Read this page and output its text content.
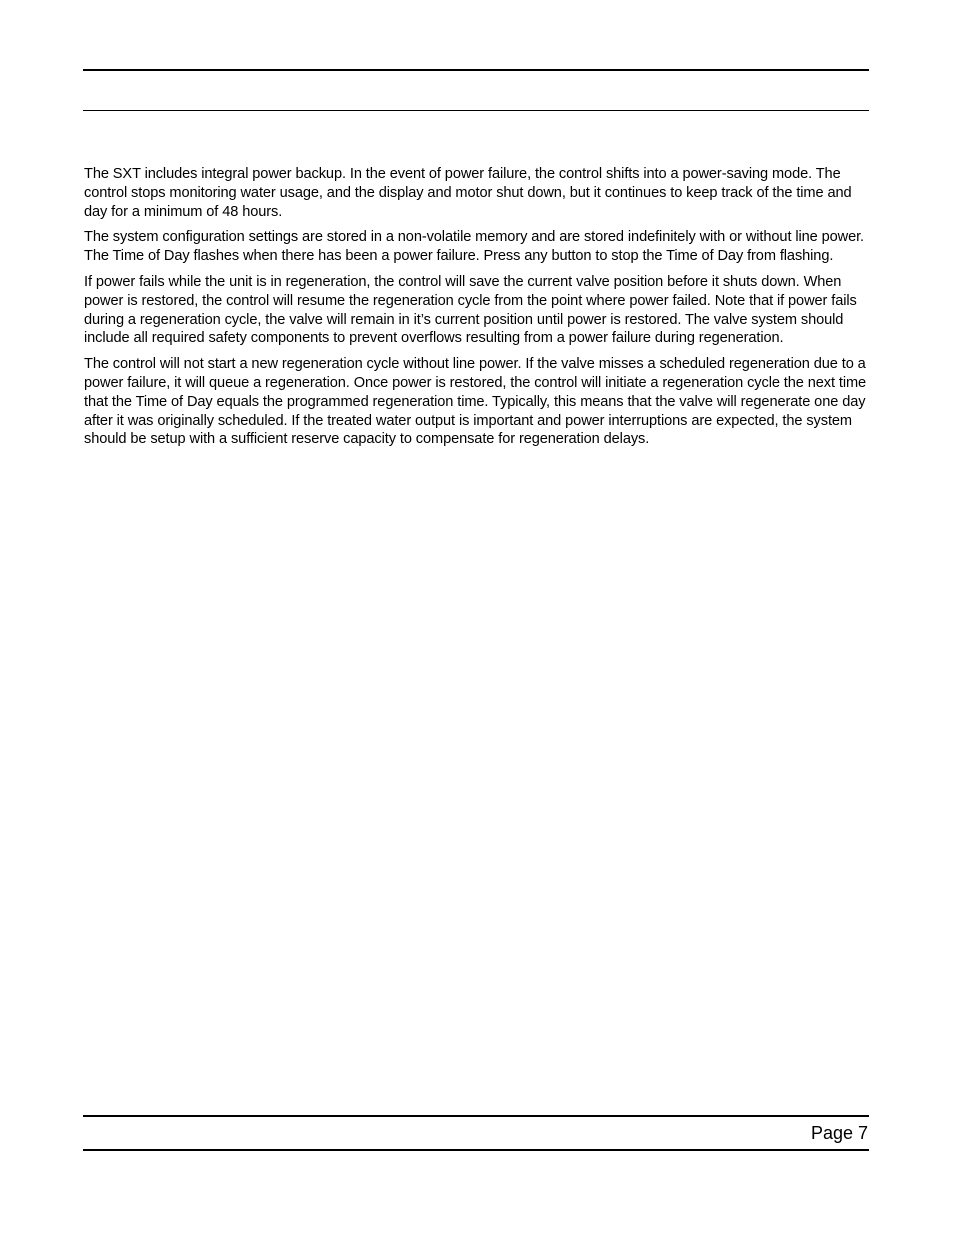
The SXT includes integral power backup. In the event of power failure, the control shifts into a power-saving mode. The control stops monitoring water usage, and the display and motor shut down, but it continues to keep track of the time and day for a minimum of 48 hours.

The system configuration settings are stored in a non-volatile memory and are stored indefinitely with or without line power. The Time of Day flashes when there has been a power failure. Press any button to stop the Time of Day from flashing.

If power fails while the unit is in regeneration, the control will save the current valve position before it shuts down. When power is restored, the control will resume the regeneration cycle from the point where power failed. Note that if power fails during a regeneration cycle, the valve will remain in it’s current position until power is restored. The valve system should include all required safety components to prevent overflows resulting from a power failure during regeneration.

The control will not start a new regeneration cycle without line power. If the valve misses a scheduled regeneration due to a power failure, it will queue a regeneration. Once power is restored, the control will initiate a regeneration cycle the next time that the Time of Day equals the programmed regeneration time. Typically, this means that the valve will regenerate one day after it was originally scheduled. If the treated water output is important and power interruptions are expected, the system should be setup with a sufficient reserve capacity to compensate for regeneration delays.

Page 7
